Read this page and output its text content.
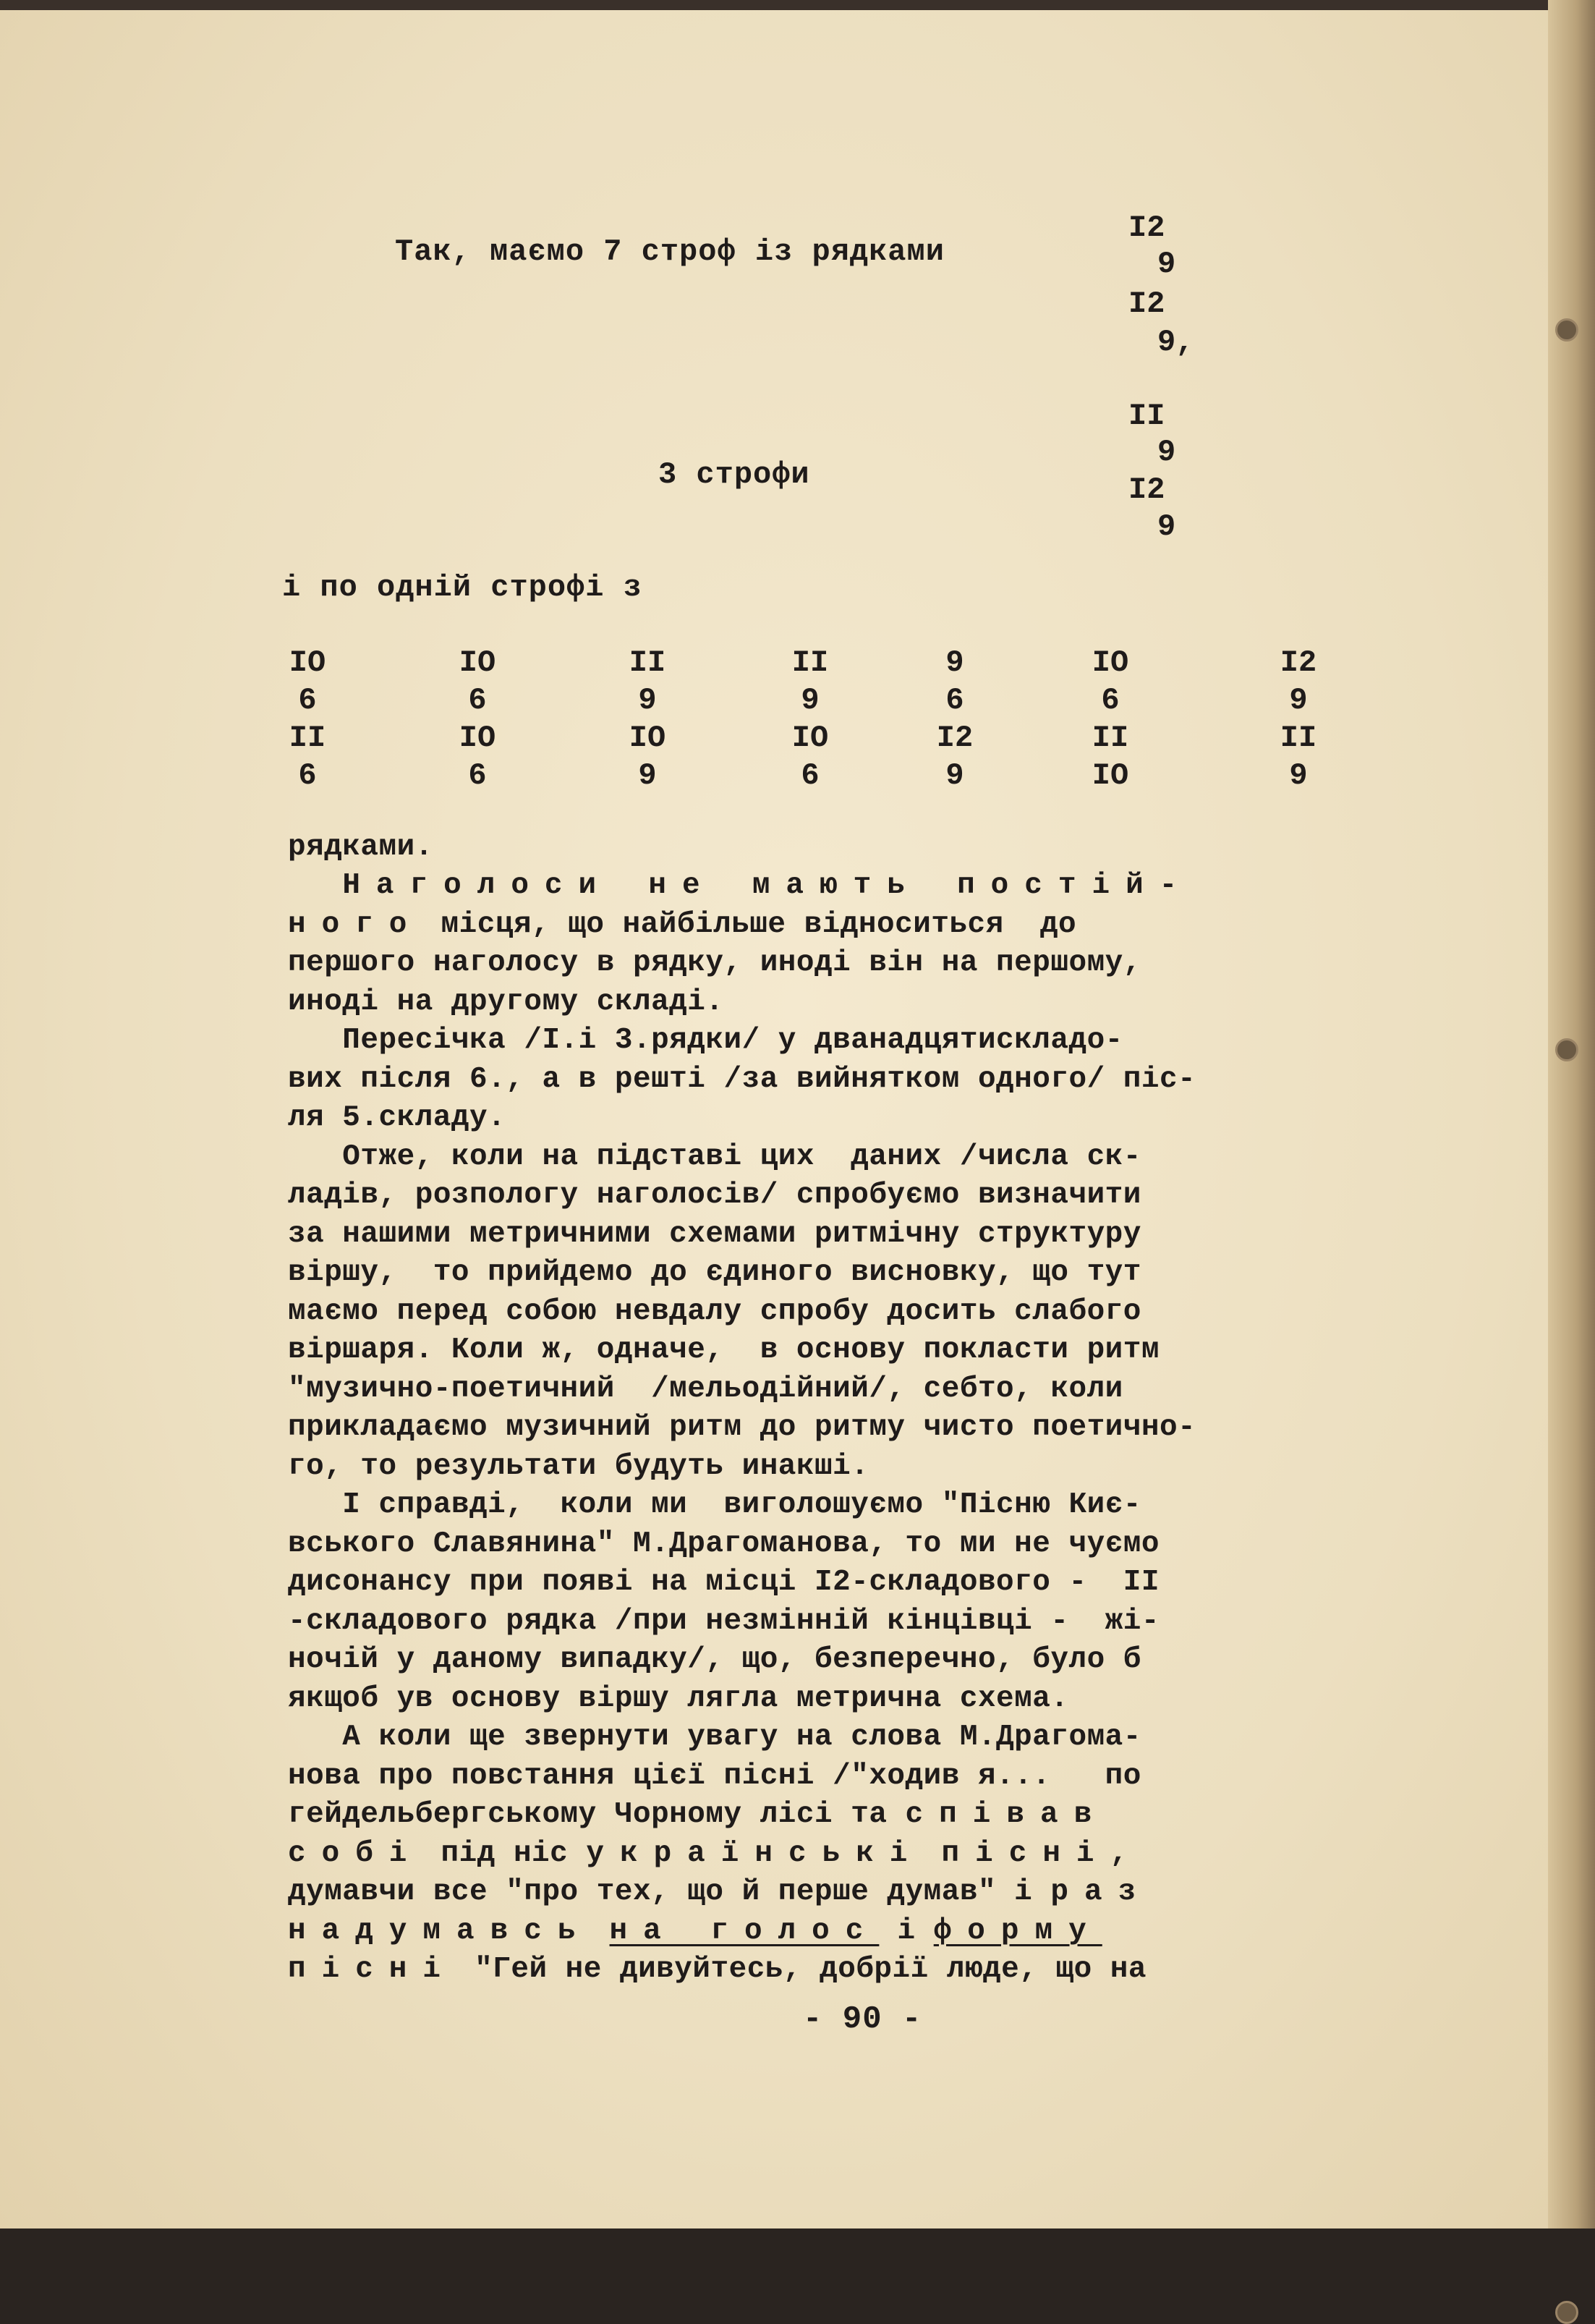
Так, маємо 7 строф із рядками
I2
9
I2
9,
II
9
3 строфи	I2
9
і по одній строфі з
IO
6
II
6
IO
6
IO
6
II
9
IO
9
II
9
IO
6
9
6
I2
9
IO
6
II
IO
I2
9
II
9
рядками.
Наголоси не мають постій-
ного місця, що найбільше відноситься  до
першого наголосу в рядку, иноді він на першому,
иноді на другому складі.
Пересічка /I.і 3.рядки/ у дванадцятискладо-
вих після 6., а в решті /за вийнятком одного/ піс-
ля 5.складу.
Отже, коли на підставі цих  даних /числа ск-
ладів, розпологу наголосів/ спробуємо визначити
за нашими метричними схемами ритмічну структуру
віршу,  то прийдемо до єдиного висновку, що тут
маємо перед собою невдалу спробу досить слабого
віршаря. Коли ж, одначе,  в основу покласти ритм
"музично-поетичний  /мельодійний/, себто, коли
прикладаємо музичний ритм до ритму чисто поетично-
го, то результати будуть инакші.
I справді,  коли ми  виголошуємо "Пісню Киє-
вського Славянина" М.Драгоманова, то ми не чуємо
дисонансу при появі на місці I2-складового -  II
-складового рядка /при незмінній кінцівці -  жі-
ночій у даному випадку/, що, безперечно, було б
якщоб ув основу віршу лягла метрична схема.
А коли ще звернути увагу на слова М.Драгома-
нова про повстання цієї пісні /"ходив я...   по
гейдельбергському Чорному лісі та співав
собі під ніс українські пісні,
думавчи все "про тех, що й перше думав" і раз
надумавсь на голос і форму
пісні "Гей не дивуйтесь, добрії люде, що на
- 90 -
